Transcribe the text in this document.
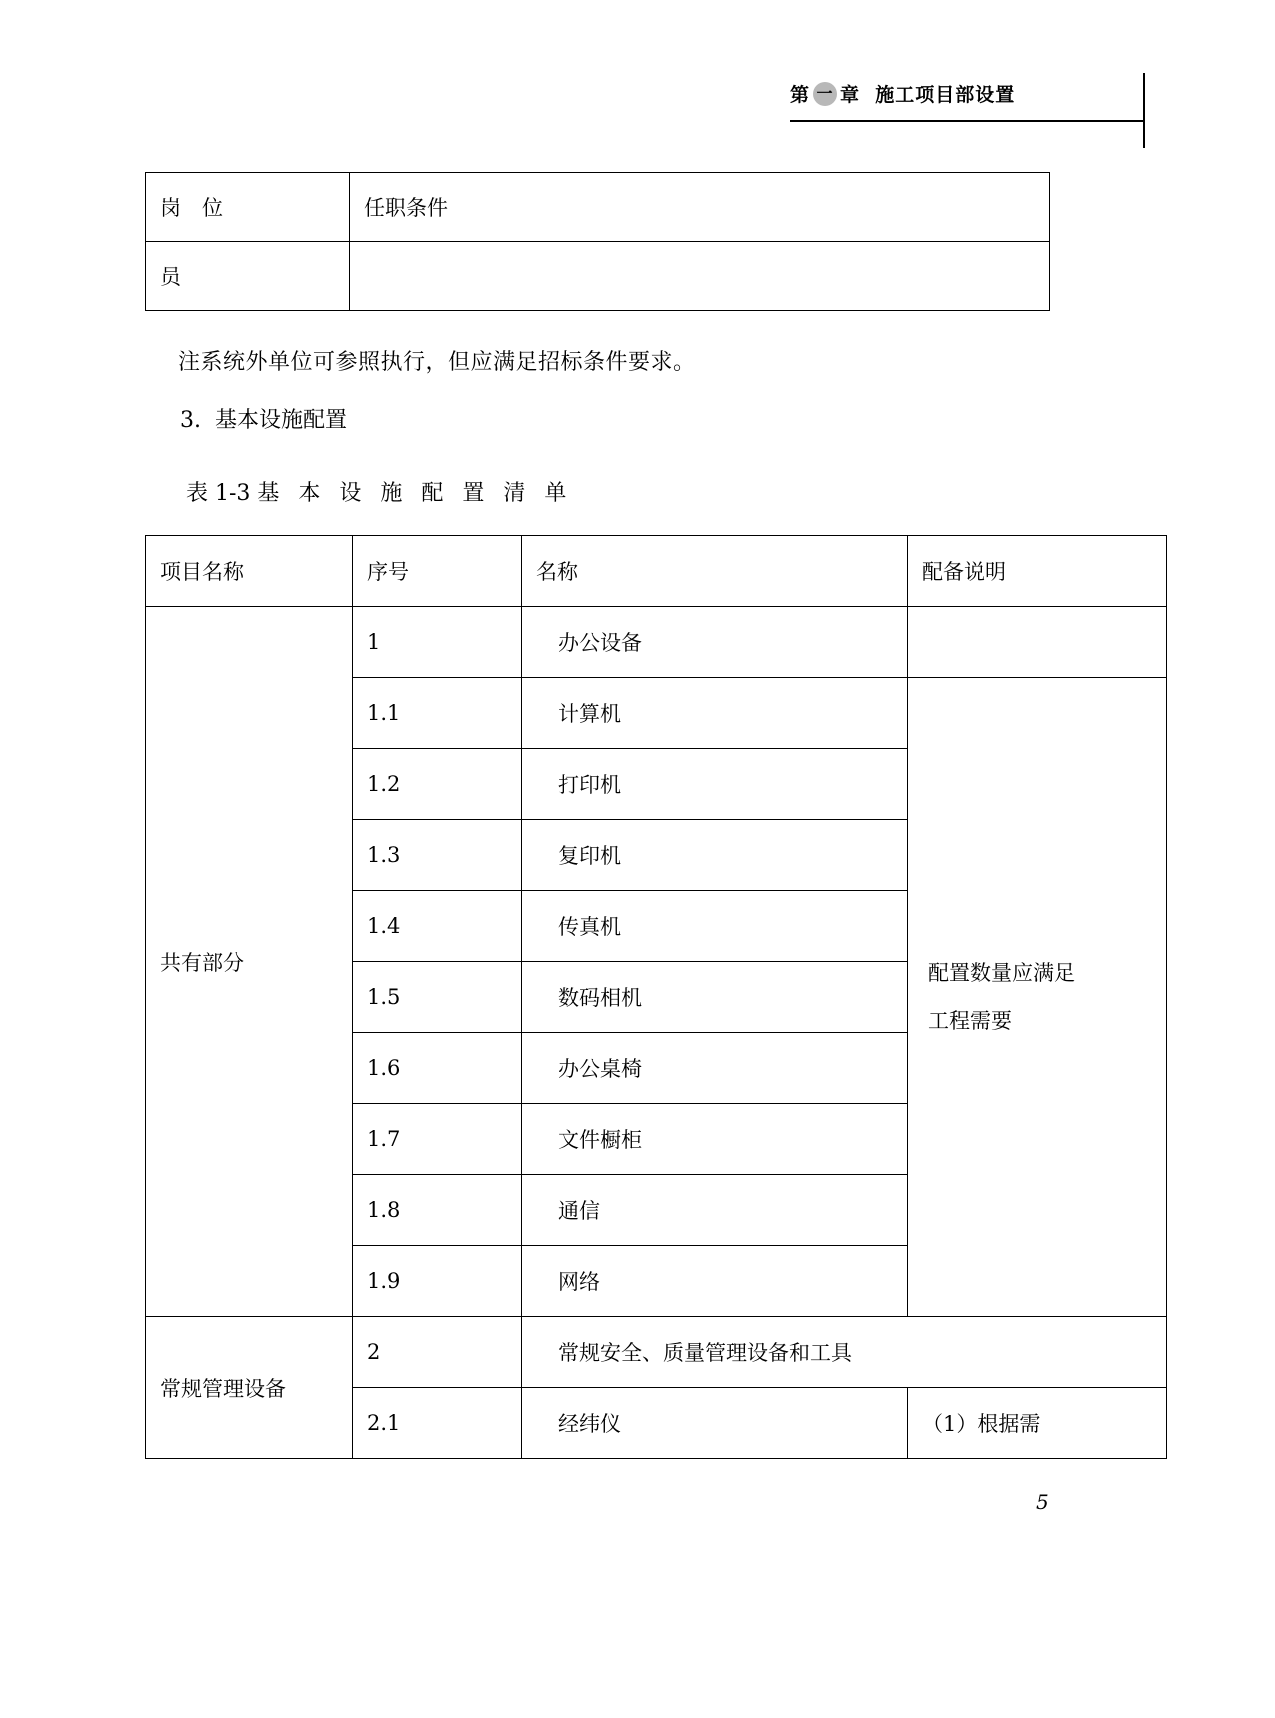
第 一 章 施工项目部设置
岗　位	任职条件
员	
注系统外单位可参照执行，但应满足招标条件要求。
3. 基本设施配置
表 1-3 基 本 设 施 配 置 清 单
项目名称	序号	名称	配备说明
共有部分	1	办公设备	
	1.1	计算机	配置数量应满足
工程需要

	1.2	打印机	
	1.3	复印机	
	1.4	传真机	
	1.5	数码相机	
	1.6	办公桌椅	
	1.7	文件橱柜	
	1.8	通信	
	1.9	网络	
常规管理设备	2	常规安全、质量管理设备和工具	
	2.1	经纬仪	（1）根据需
5
